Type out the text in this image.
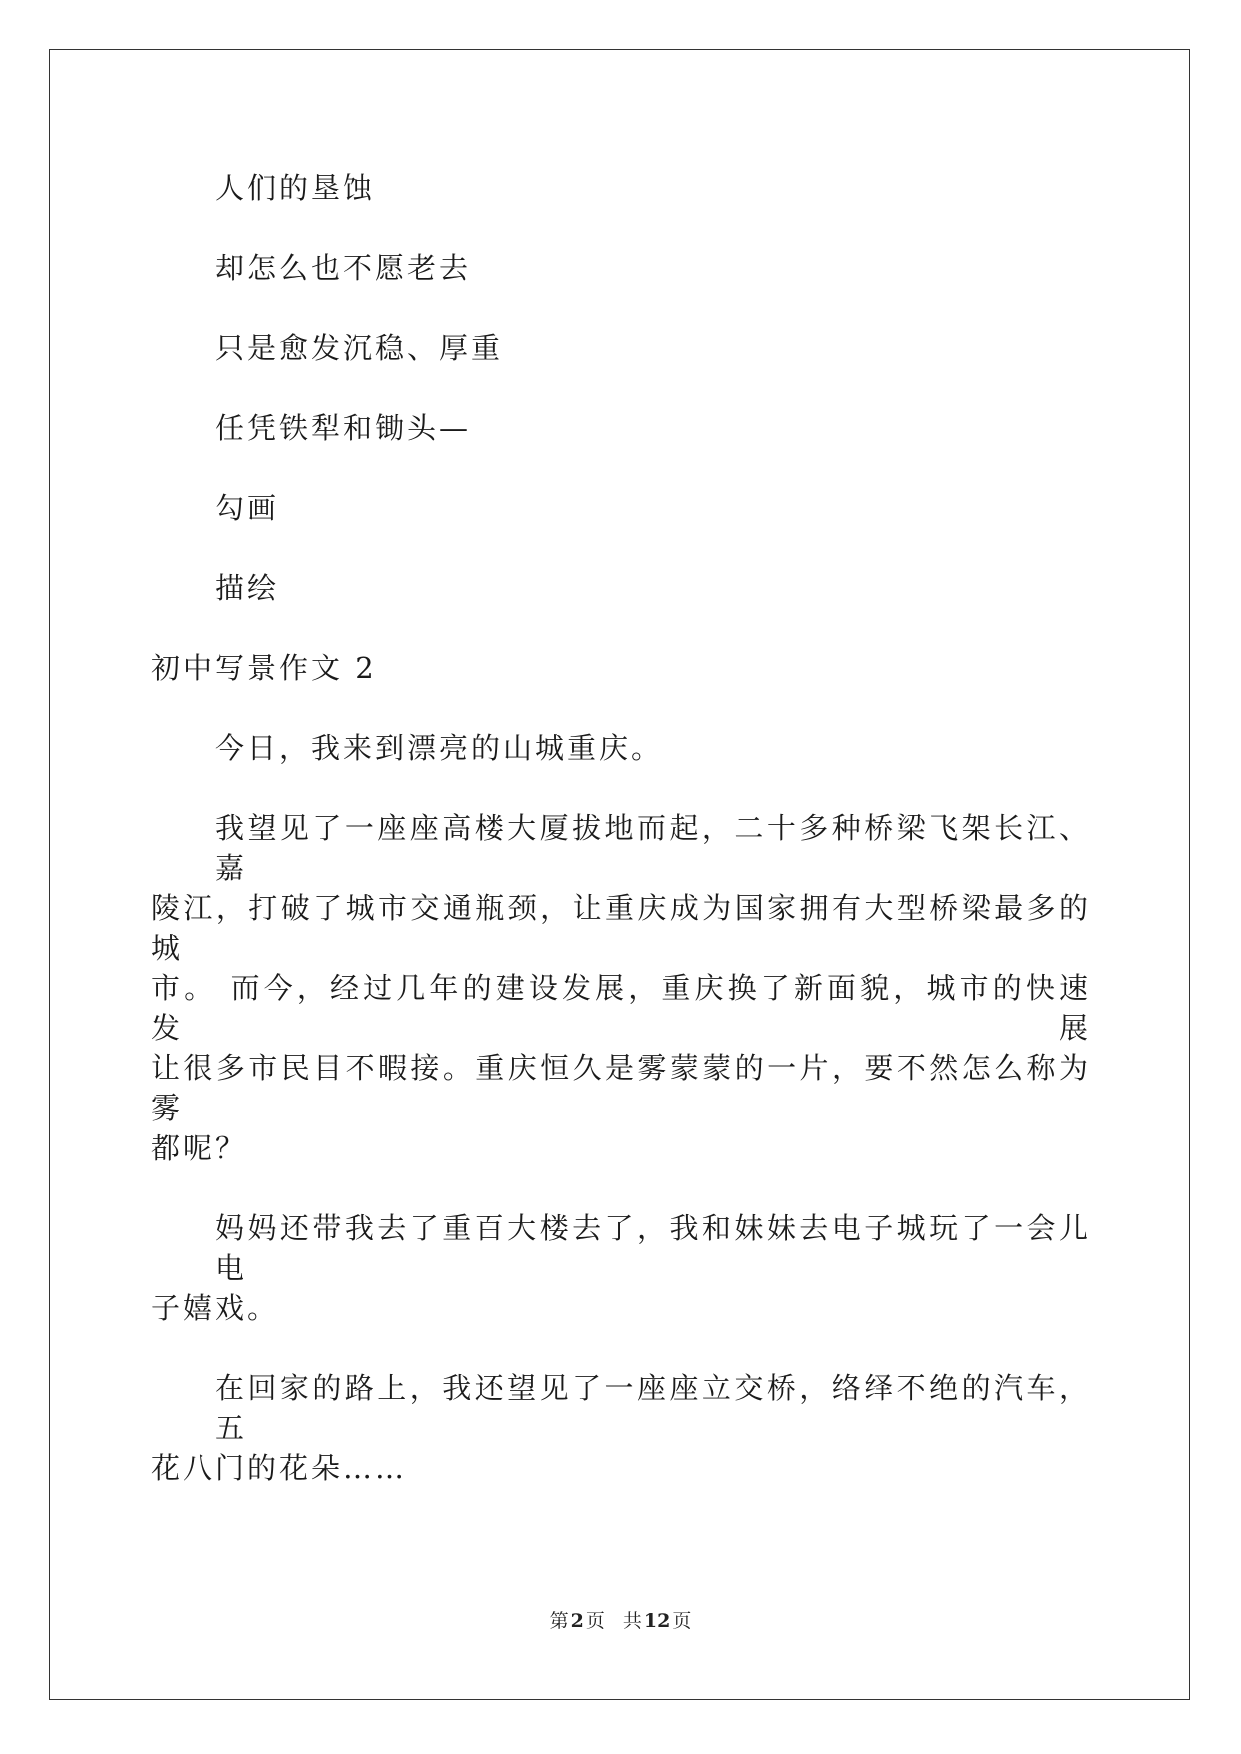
人们的垦蚀
却怎么也不愿老去
只是愈发沉稳、厚重
任凭铁犁和锄头—
勾画
描绘
初中写景作文 2
今日，我来到漂亮的山城重庆。
我望见了一座座高楼大厦拔地而起，二十多种桥梁飞架长江、嘉
陵江，打破了城市交通瓶颈，让重庆成为国家拥有大型桥梁最多的城
市。 而今，经过几年的建设发展，重庆换了新面貌，城市的快速发展
让很多市民目不暇接。重庆恒久是雾蒙蒙的一片，要不然怎么称为雾
都呢？
妈妈还带我去了重百大楼去了，我和妹妹去电子城玩了一会儿电
子嬉戏。
在回家的路上，我还望见了一座座立交桥，络绎不绝的汽车，五
花八门的花朵……
第 2 页 共 12 页
